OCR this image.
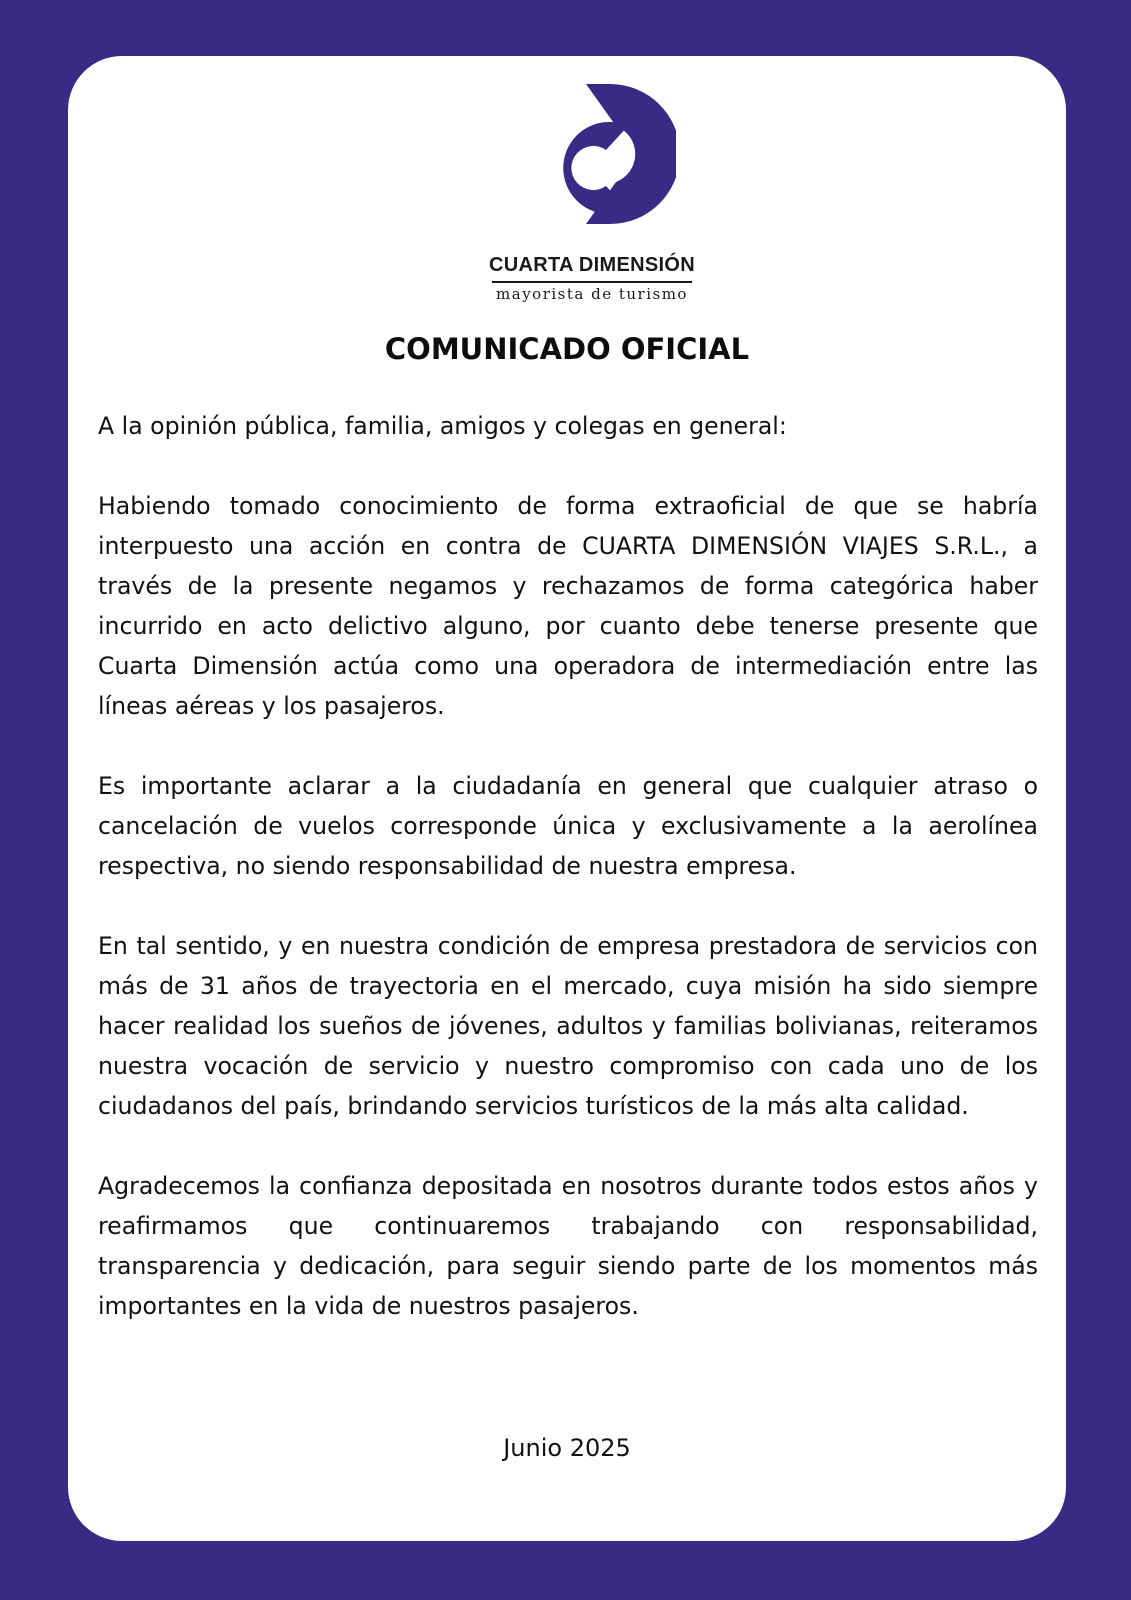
CUARTA DIMENSIÓN
mayorista de turismo
COMUNICADO OFICIAL

A la opinión pública, familia, amigos y colegas en general:

Habiendo tomado conocimiento de forma extraoficial de que se habría interpuesto una acción en contra de CUARTA DIMENSIÓN VIAJES S.R.L., a través de la presente negamos y rechazamos de forma categórica haber incurrido en acto delictivo alguno, por cuanto debe tenerse presente que Cuarta Dimensión actúa como una operadora de intermediación entre las líneas aéreas y los pasajeros.

Es importante aclarar a la ciudadanía en general que cualquier atraso o cancelación de vuelos corresponde única y exclusivamente a la aerolínea respectiva, no siendo responsabilidad de nuestra empresa.

En tal sentido, y en nuestra condición de empresa prestadora de servicios con más de 31 años de trayectoria en el mercado, cuya misión ha sido siempre hacer realidad los sueños de jóvenes, adultos y familias bolivianas, reiteramos nuestra vocación de servicio y nuestro compromiso con cada uno de los ciudadanos del país, brindando servicios turísticos de la más alta calidad.

Agradecemos la confianza depositada en nosotros durante todos estos años y reafirmamos que continuaremos trabajando con responsabilidad, transparencia y dedicación, para seguir siendo parte de los momentos más importantes en la vida de nuestros pasajeros.

Junio 2025
